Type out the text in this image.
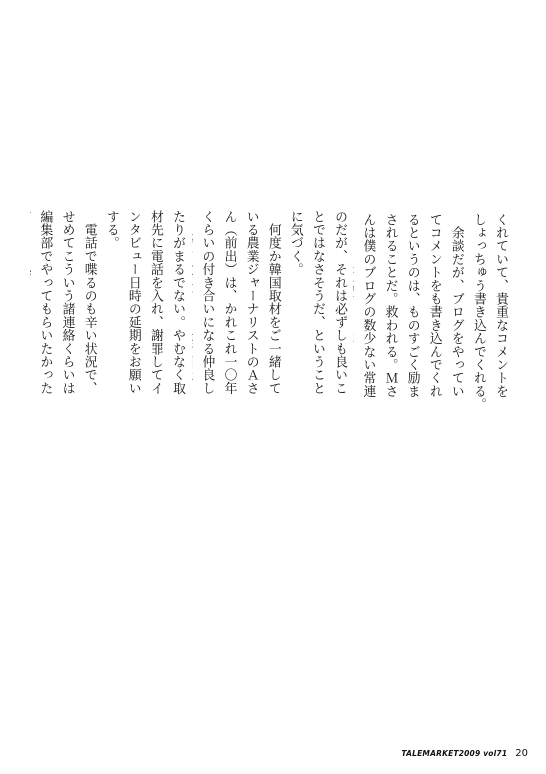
くれていて、貴重なコメントを
しょっちゅう書き込んでくれる。
　余談だが、ブログをやってい
てコメントをも書き込んでくれ
るというのは、ものすごく励ま
されることだ。救われる。Ｍさ
んは僕のブログの数少ない常連

のだが、それは必ずしも良いこ
とではなさそうだ、ということ
に気づく。
　何度か韓国取材をご一緒して
いる農業ジャーナリストのＡさ
ん（前出）は、かれこれ一〇年
くらいの付き合いになる仲良し

たりがまるでない。やむなく取
材先に電話を入れ、謝罪してイ
ンタビュー日時の延期をお願い
する。
　電話で喋るのも辛い状況で、
せめてこういう諸連絡くらいは
編集部でやってもらいたかった

TALEMARKET2009 vol71 20
